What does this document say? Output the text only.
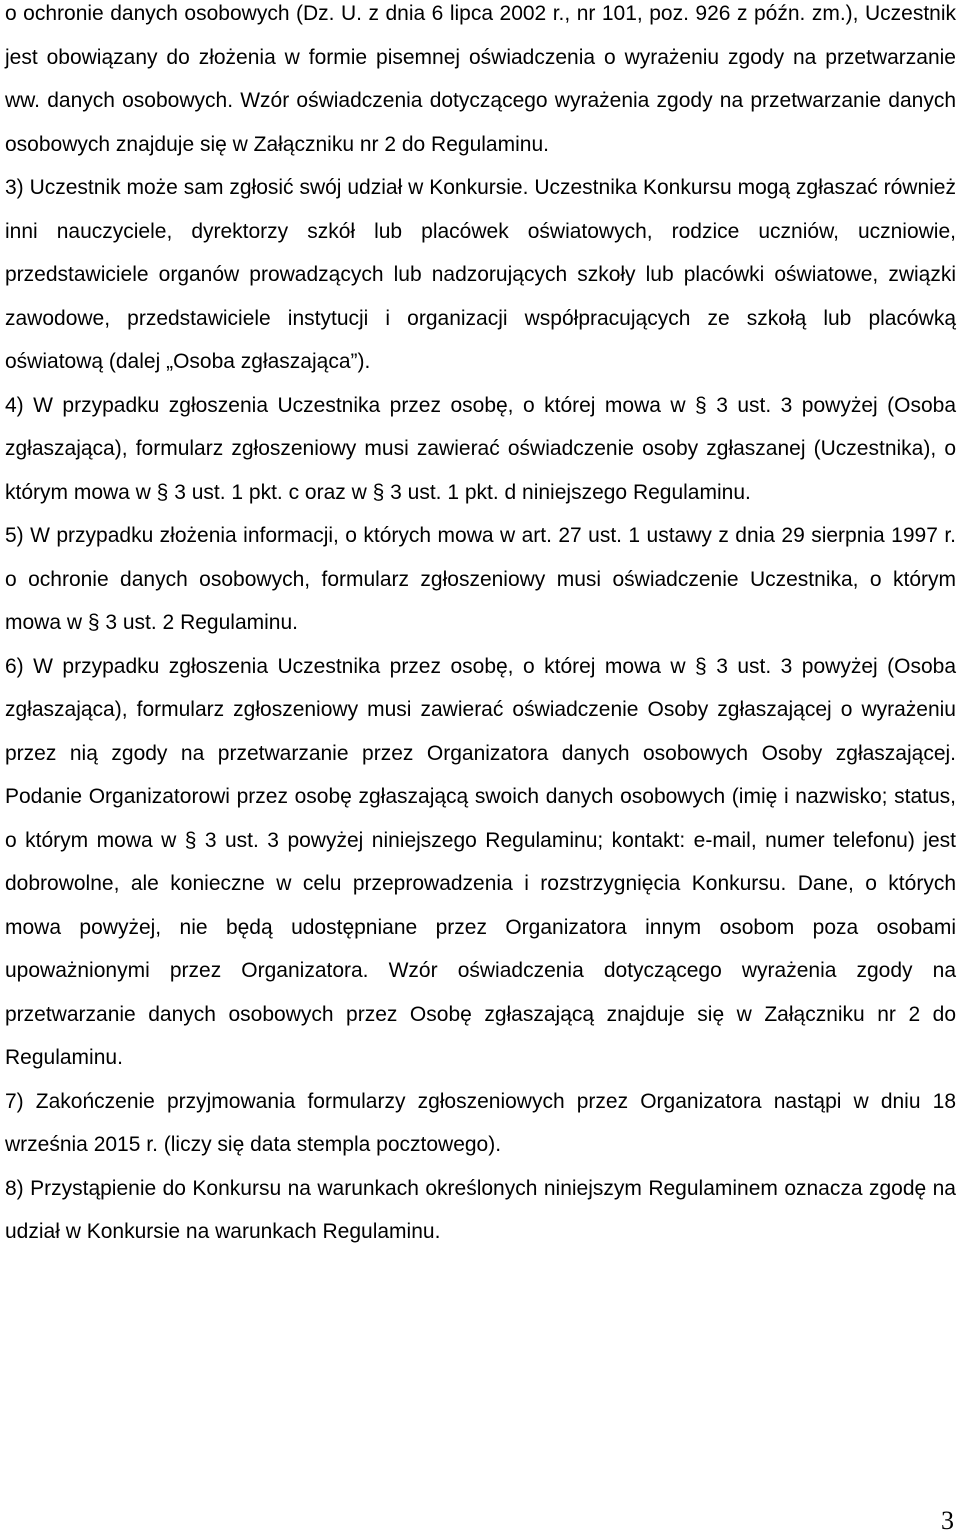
o ochronie danych osobowych (Dz. U. z dnia 6 lipca 2002 r., nr 101, poz. 926 z późn. zm.), Uczestnik jest obowiązany do złożenia w formie pisemnej oświadczenia o wyrażeniu zgody na przetwarzanie ww. danych osobowych. Wzór oświadczenia dotyczącego wyrażenia zgody na przetwarzanie danych osobowych znajduje się w Załączniku nr 2 do Regulaminu.

3) Uczestnik może sam zgłosić swój udział w Konkursie. Uczestnika Konkursu mogą zgłaszać również inni nauczyciele, dyrektorzy szkół lub placówek oświatowych, rodzice uczniów, uczniowie, przedstawiciele organów prowadzących lub nadzorujących szkoły lub placówki oświatowe, związki zawodowe, przedstawiciele instytucji i organizacji współpracujących ze szkołą lub placówką oświatową (dalej „Osoba zgłaszająca”).

4) W przypadku zgłoszenia Uczestnika przez osobę, o której mowa w § 3 ust. 3 powyżej (Osoba zgłaszająca), formularz zgłoszeniowy musi zawierać oświadczenie osoby zgłaszanej (Uczestnika), o którym mowa w § 3 ust. 1 pkt. c oraz w § 3 ust. 1 pkt. d niniejszego Regulaminu.

5) W przypadku złożenia informacji, o których mowa w art. 27 ust. 1 ustawy z dnia 29 sierpnia 1997 r. o ochronie danych osobowych, formularz zgłoszeniowy musi oświadczenie Uczestnika, o którym mowa w § 3 ust. 2 Regulaminu.

6) W przypadku zgłoszenia Uczestnika przez osobę, o której mowa w § 3 ust. 3 powyżej (Osoba zgłaszająca), formularz zgłoszeniowy musi zawierać oświadczenie Osoby zgłaszającej o wyrażeniu przez nią zgody na przetwarzanie przez Organizatora danych osobowych Osoby zgłaszającej. Podanie Organizatorowi przez osobę zgłaszającą swoich danych osobowych (imię i nazwisko; status, o którym mowa w § 3 ust. 3 powyżej niniejszego Regulaminu; kontakt: e-mail, numer telefonu) jest dobrowolne, ale konieczne w celu przeprowadzenia i rozstrzygnięcia Konkursu. Dane, o których mowa powyżej, nie będą udostępniane przez Organizatora innym osobom poza osobami upoważnionymi przez Organizatora. Wzór oświadczenia dotyczącego wyrażenia zgody na przetwarzanie danych osobowych przez Osobę zgłaszającą znajduje się w Załączniku nr 2 do Regulaminu.

7) Zakończenie przyjmowania formularzy zgłoszeniowych przez Organizatora nastąpi w dniu 18 września 2015 r. (liczy się data stempla pocztowego).

8) Przystąpienie do Konkursu na warunkach określonych niniejszym Regulaminem oznacza zgodę na udział w Konkursie na warunkach Regulaminu.

3
